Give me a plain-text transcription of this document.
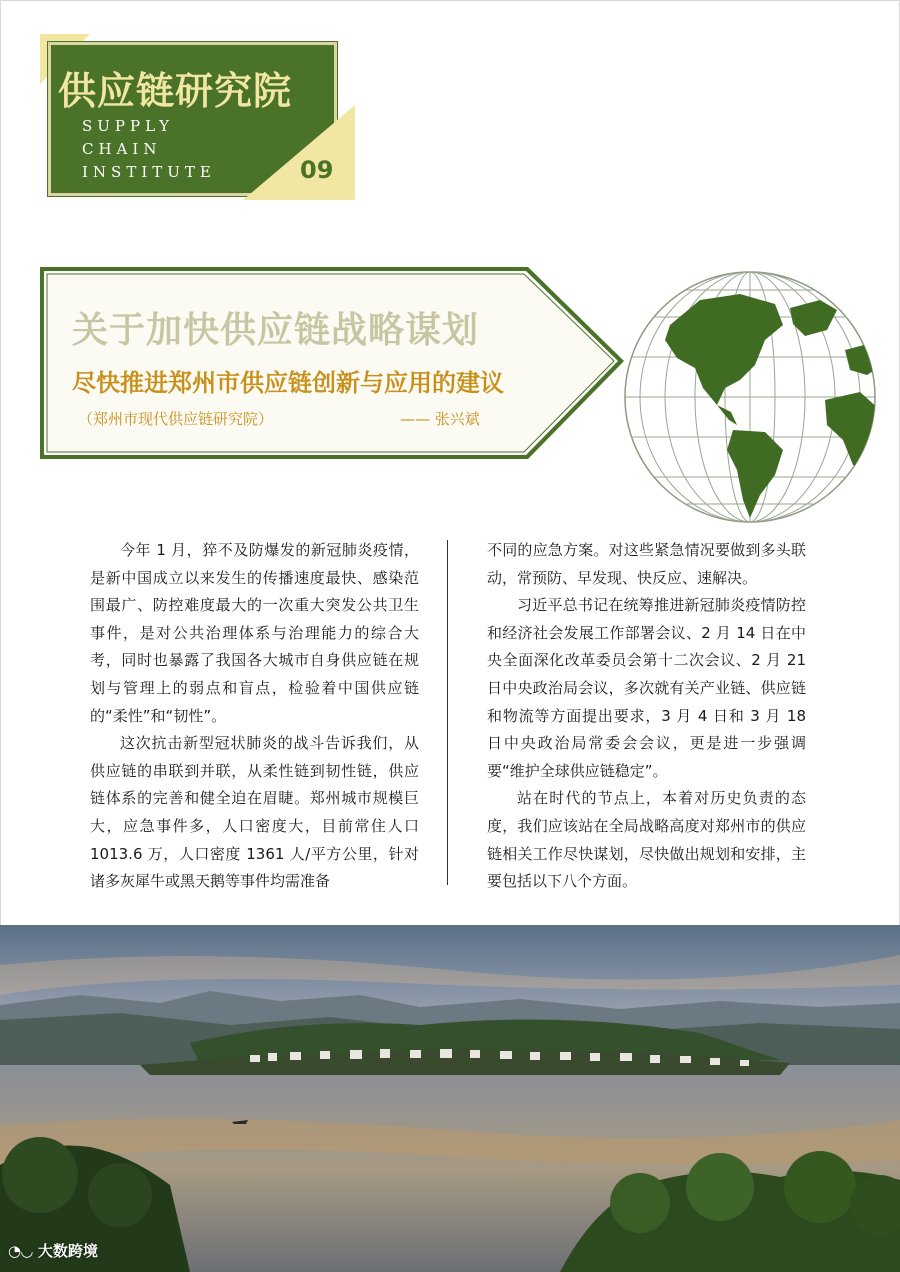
供应链研究院
SUPPLY
CHAIN
INSTITUTE	09
关于加快供应链战略谋划
尽快推进郑州市供应链创新与应用的建议
（郑州市现代供应链研究院）	—— 张兴斌

今年 1 月，猝不及防爆发的新冠肺炎疫情，是新中国成立以来发生的传播速度最快、感染范围最广、防控难度最大的一次重大突发公共卫生事件，是对公共治理体系与治理能力的综合大考，同时也暴露了我国各大城市自身供应链在规划与管理上的弱点和盲点，检验着中国供应链的“柔性”和“韧性”。

这次抗击新型冠状肺炎的战斗告诉我们，从供应链的串联到并联，从柔性链到韧性链，供应链体系的完善和健全迫在眉睫。郑州城市规模巨大，应急事件多，人口密度大，目前常住人口 1013.6 万，人口密度 1361 人/平方公里，针对诸多灰犀牛或黑天鹅等事件均需准备

不同的应急方案。对这些紧急情况要做到多头联动，常预防、早发现、快反应、速解决。

习近平总书记在统筹推进新冠肺炎疫情防控和经济社会发展工作部署会议、2 月 14 日在中央全面深化改革委员会第十二次会议、2 月 21 日中央政治局会议，多次就有关产业链、供应链和物流等方面提出要求，3 月 4 日和 3 月 18 日中央政治局常委会会议，更是进一步强调要“维护全球供应链稳定”。

站在时代的节点上，本着对历史负责的态度，我们应该站在全局战略高度对郑州市的供应链相关工作尽快谋划，尽快做出规划和安排，主要包括以下八个方面。

◔◡ 大数跨境
